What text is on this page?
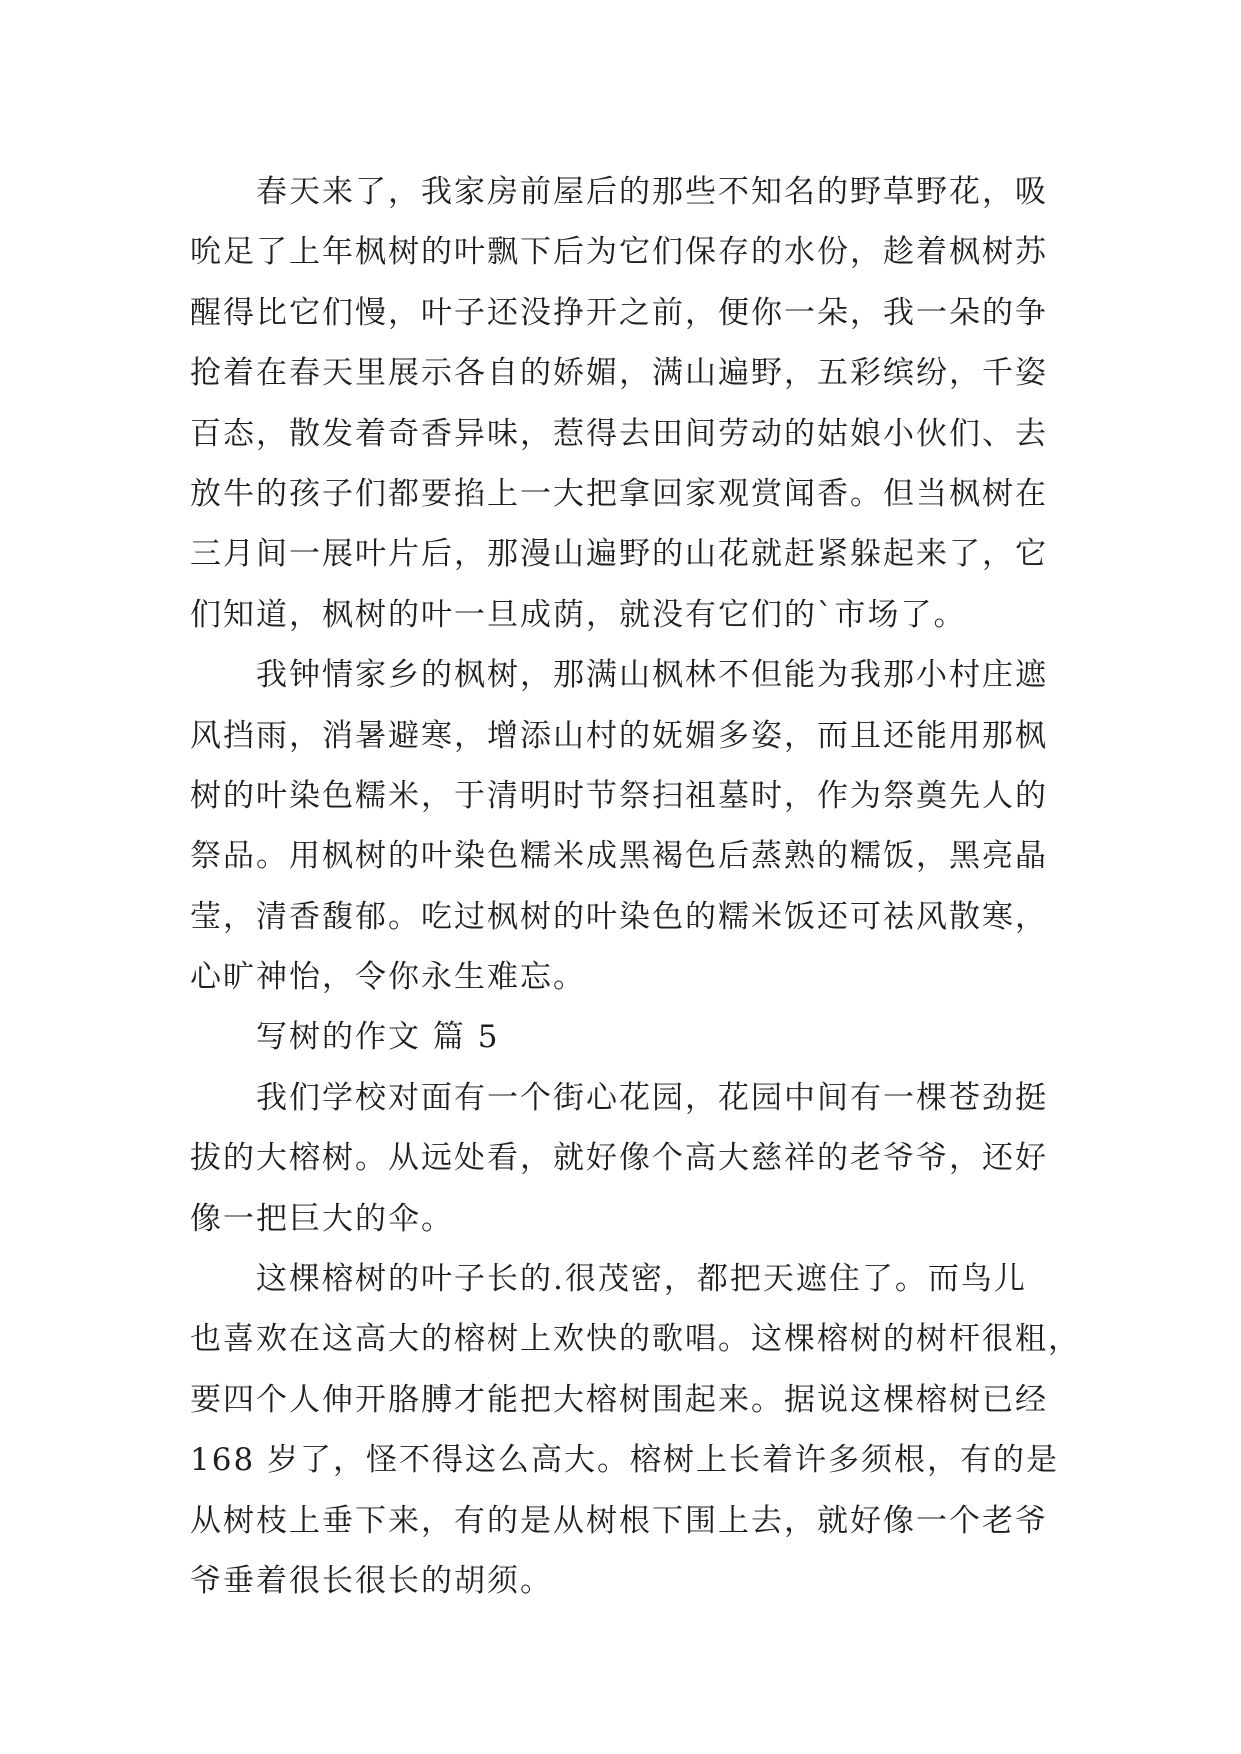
春天来了，我家房前屋后的那些不知名的野草野花，吸
吮足了上年枫树的叶飘下后为它们保存的水份，趁着枫树苏
醒得比它们慢，叶子还没挣开之前，便你一朵，我一朵的争
抢着在春天里展示各自的娇媚，满山遍野，五彩缤纷，千姿
百态，散发着奇香异味，惹得去田间劳动的姑娘小伙们、去
放牛的孩子们都要掐上一大把拿回家观赏闻香。但当枫树在
三月间一展叶片后，那漫山遍野的山花就赶紧躲起来了，它
们知道，枫树的叶一旦成荫，就没有它们的`市场了。
我钟情家乡的枫树，那满山枫林不但能为我那小村庄遮
风挡雨，消暑避寒，增添山村的妩媚多姿，而且还能用那枫
树的叶染色糯米，于清明时节祭扫祖墓时，作为祭奠先人的
祭品。用枫树的叶染色糯米成黑褐色后蒸熟的糯饭，黑亮晶
莹，清香馥郁。吃过枫树的叶染色的糯米饭还可祛风散寒，
心旷神怡，令你永生难忘。
写树的作文 篇 5
我们学校对面有一个街心花园，花园中间有一棵苍劲挺
拔的大榕树。从远处看，就好像个高大慈祥的老爷爷，还好
像一把巨大的伞。
这棵榕树的叶子长的.很茂密，都把天遮住了。而鸟儿
也喜欢在这高大的榕树上欢快的歌唱。这棵榕树的树杆很粗，
要四个人伸开胳膊才能把大榕树围起来。据说这棵榕树已经
168 岁了，怪不得这么高大。榕树上长着许多须根，有的是
从树枝上垂下来，有的是从树根下围上去，就好像一个老爷
爷垂着很长很长的胡须。
